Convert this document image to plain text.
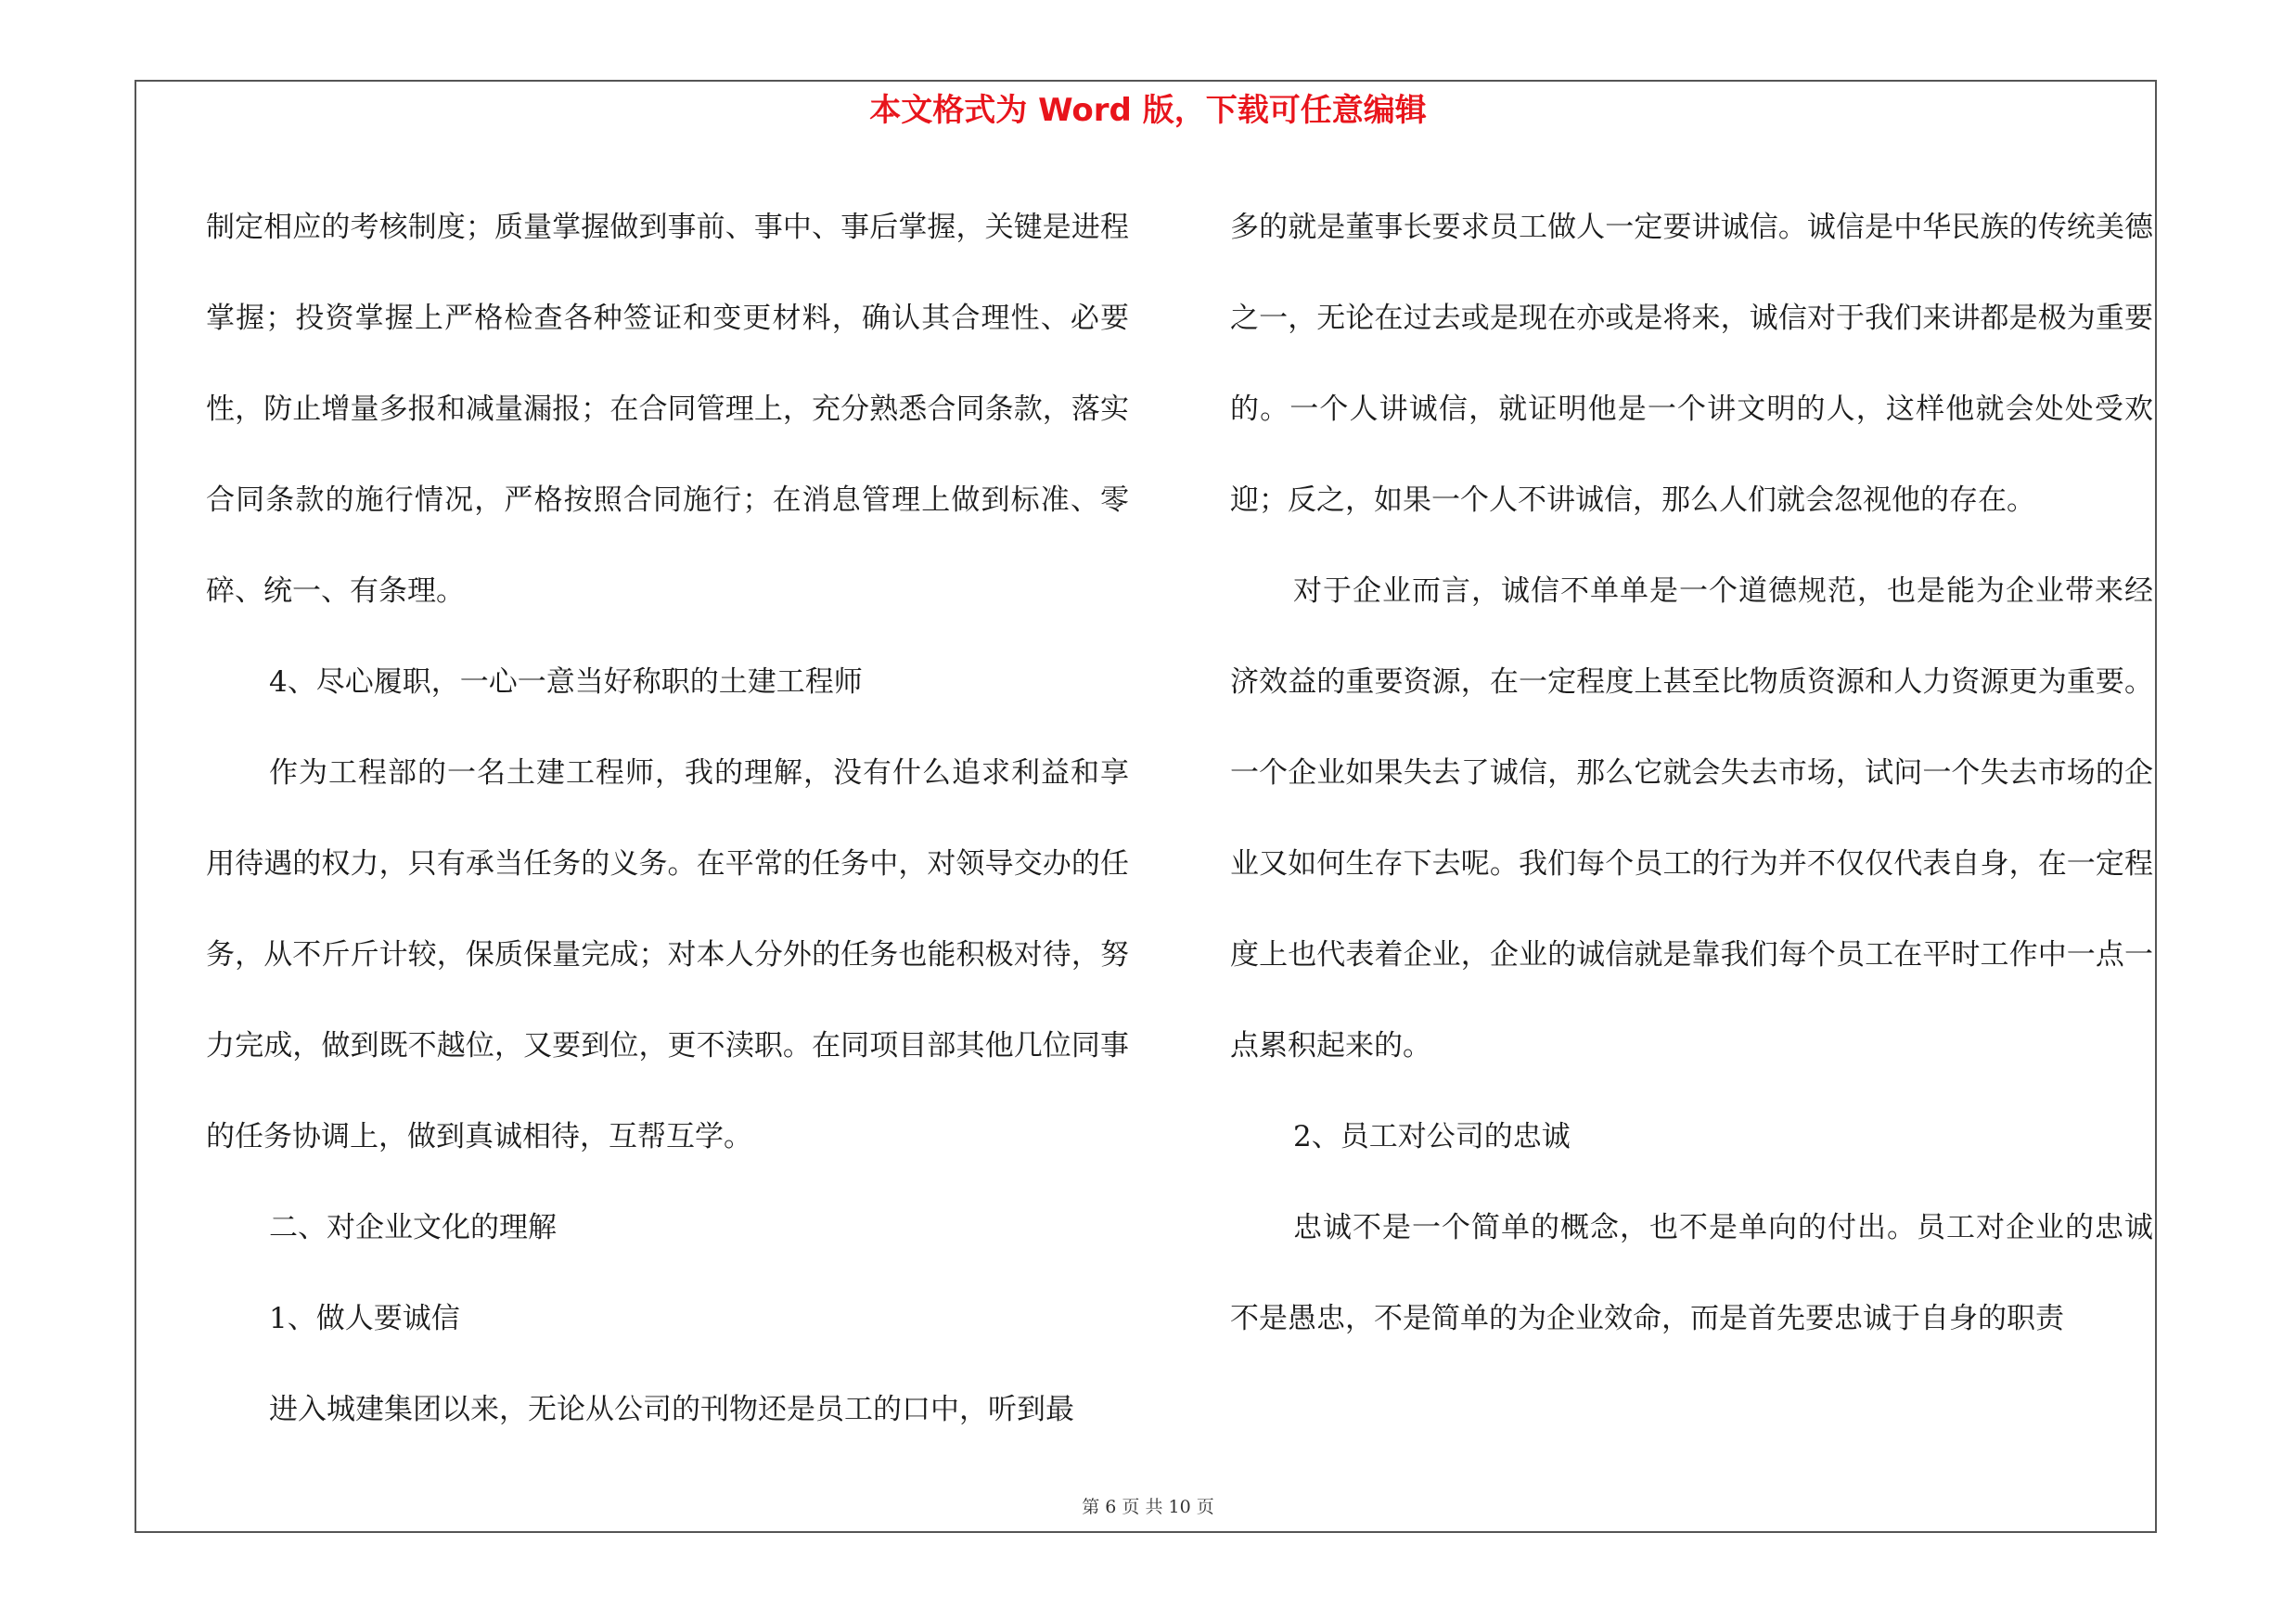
本文格式为 Word 版，下载可任意编辑

制定相应的考核制度；质量掌握做到事前、事中、事后掌握，关键是进程掌握；投资掌握上严格检查各种签证和变更材料，确认其合理性、必要性，防止增量多报和减量漏报；在合同管理上，充分熟悉合同条款，落实合同条款的施行情况，严格按照合同施行；在消息管理上做到标准、零碎、统一、有条理。

4、尽心履职，一心一意当好称职的土建工程师

作为工程部的一名土建工程师，我的理解，没有什么追求利益和享用待遇的权力，只有承当任务的义务。在平常的任务中，对领导交办的任务，从不斤斤计较，保质保量完成；对本人分外的任务也能积极对待，努力完成，做到既不越位，又要到位，更不渎职。在同项目部其他几位同事的任务协调上，做到真诚相待，互帮互学。

二、对企业文化的理解

1、做人要诚信

进入城建集团以来，无论从公司的刊物还是员工的口中，听到最

多的就是董事长要求员工做人一定要讲诚信。诚信是中华民族的传统美德之一，无论在过去或是现在亦或是将来，诚信对于我们来讲都是极为重要的。一个人讲诚信，就证明他是一个讲文明的人，这样他就会处处受欢迎；反之，如果一个人不讲诚信，那么人们就会忽视他的存在。

对于企业而言，诚信不单单是一个道德规范，也是能为企业带来经济效益的重要资源，在一定程度上甚至比物质资源和人力资源更为重要。一个企业如果失去了诚信，那么它就会失去市场，试问一个失去市场的企业又如何生存下去呢。我们每个员工的行为并不仅仅代表自身，在一定程度上也代表着企业，企业的诚信就是靠我们每个员工在平时工作中一点一点累积起来的。

2、员工对公司的忠诚

忠诚不是一个简单的概念，也不是单向的付出。员工对企业的忠诚不是愚忠，不是简单的为企业效命，而是首先要忠诚于自身的职责

第 6 页 共 10 页
